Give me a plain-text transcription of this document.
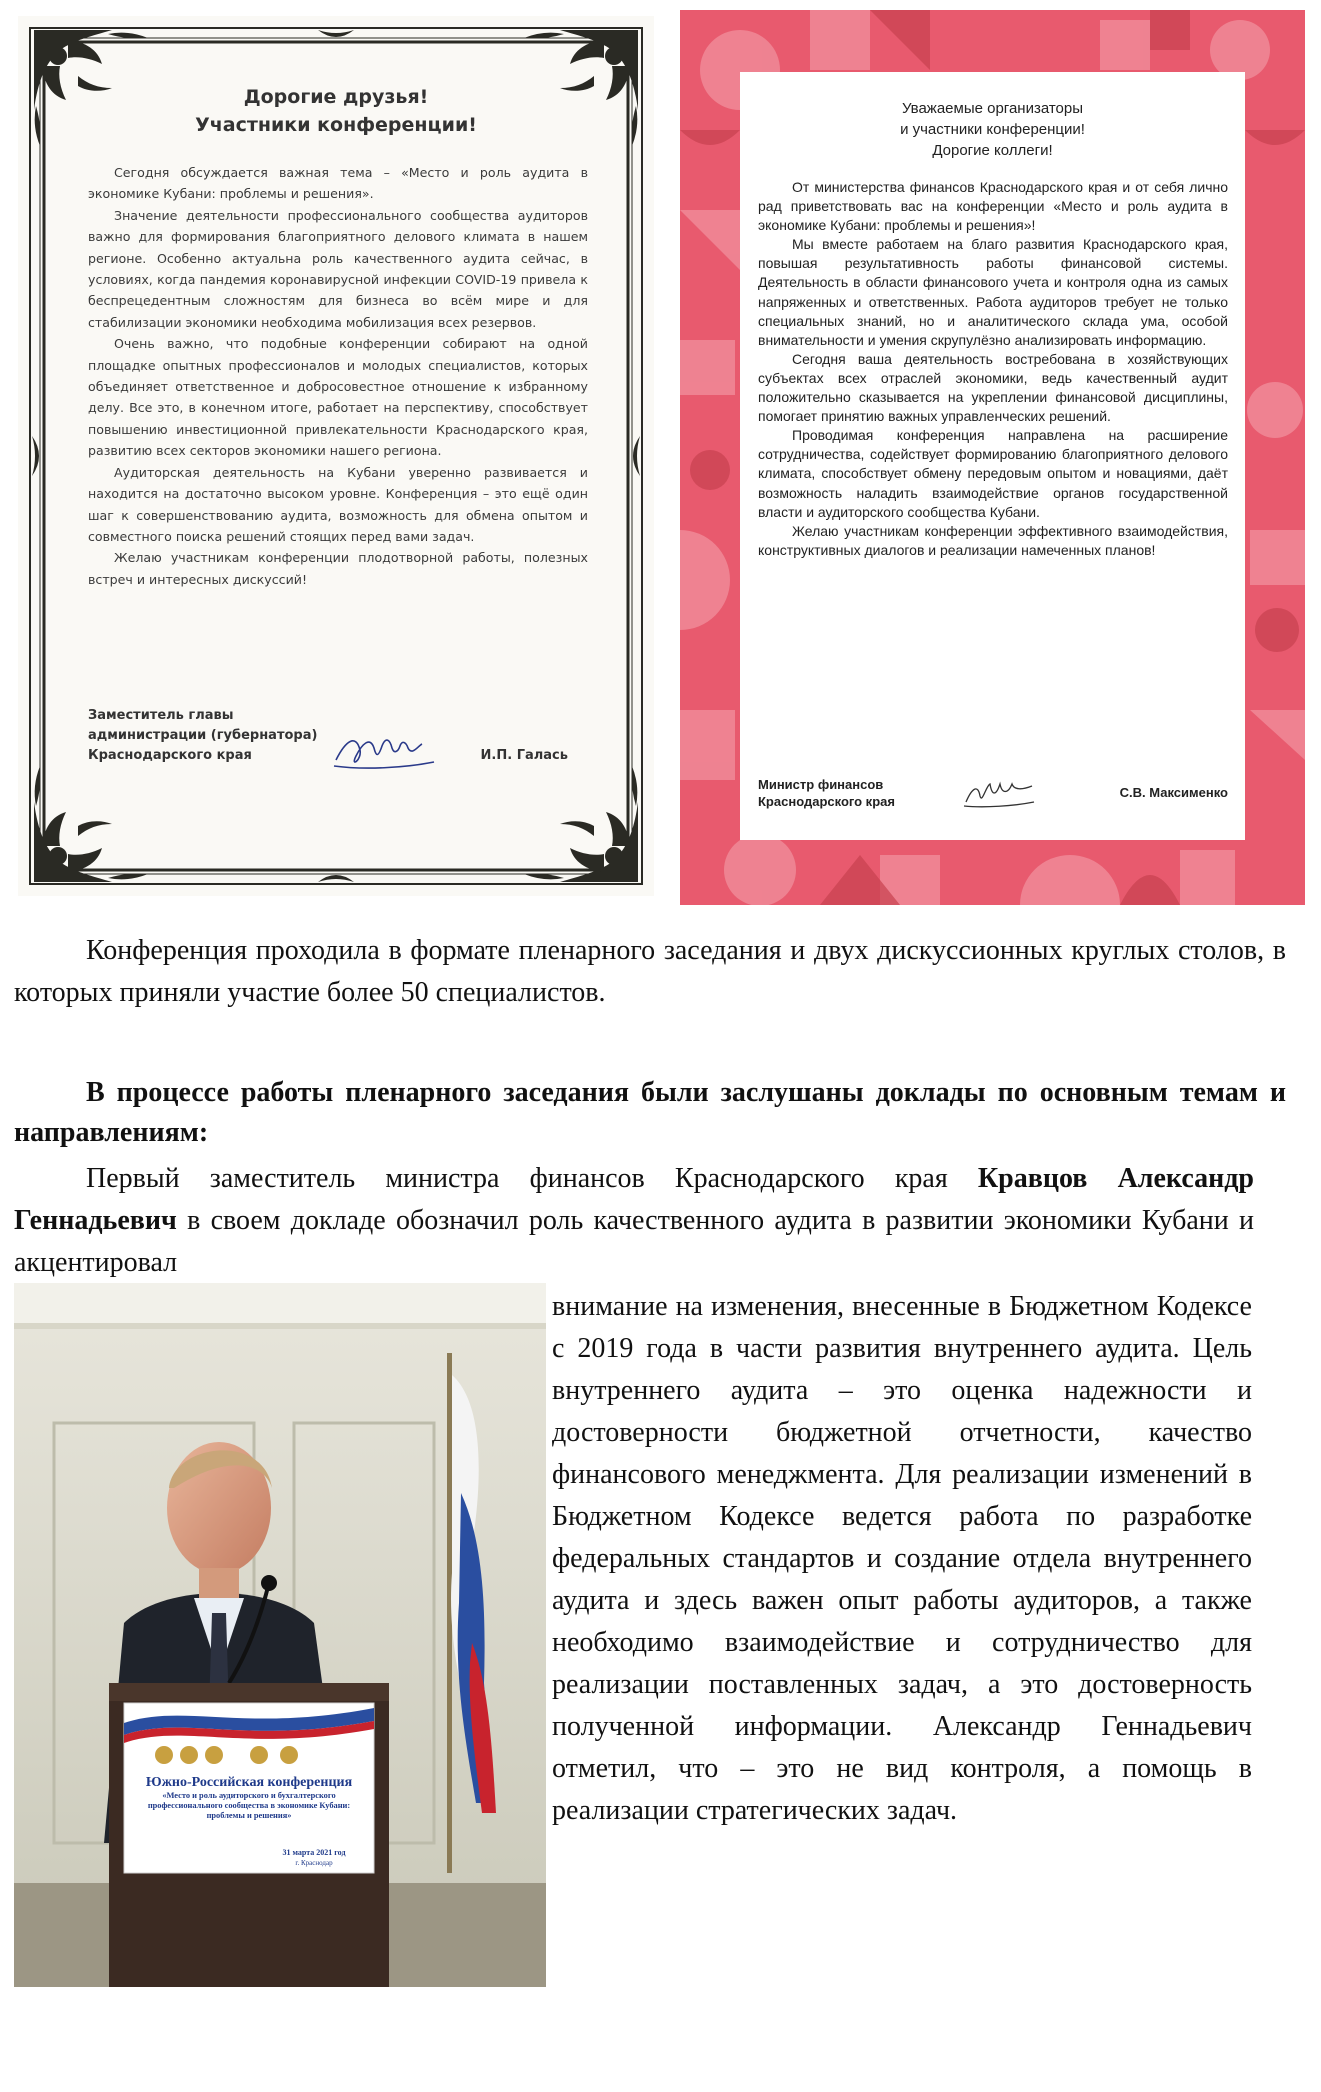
Дорогие друзья!
Участники конференции!

Сегодня обсуждается важная тема – «Место и роль аудита в экономике Кубани: проблемы и решения».

Значение деятельности профессионального сообщества аудиторов важно для формирования благоприятного делового климата в нашем регионе. Особенно актуальна роль качественного аудита сейчас, в условиях, когда пандемия коронавирусной инфекции COVID-19 привела к беспрецедентным сложностям для бизнеса во всём мире и для стабилизации экономики необходима мобилизация всех резервов.

Очень важно, что подобные конференции собирают на одной площадке опытных профессионалов и молодых специалистов, которых объединяет ответственное и добросовестное отношение к избранному делу. Все это, в конечном итоге, работает на перспективу, способствует повышению инвестиционной привлекательности Краснодарского края, развитию всех секторов экономики нашего региона.

Аудиторская деятельность на Кубани уверенно развивается и находится на достаточно высоком уровне. Конференция – это ещё один шаг к совершенствованию аудита, возможность для обмена опытом и совместного поиска решений стоящих перед вами задач.

Желаю участникам конференции плодотворной работы, полезных встреч и интересных дискуссий!

Заместитель главы
администрации (губернатора)
Краснодарского края	И.П. Галась
Уважаемые организаторы
и участники конференции!
Дорогие коллеги!

От министерства финансов Краснодарского края и от себя лично рад приветствовать вас на конференции «Место и роль аудита в экономике Кубани: проблемы и решения»!

Мы вместе работаем на благо развития Краснодарского края, повышая результативность работы финансовой системы. Деятельность в области финансового учета и контроля одна из самых напряженных и ответственных. Работа аудиторов требует не только специальных знаний, но и аналитического склада ума, особой внимательности и умения скрупулёзно анализировать информацию.

Сегодня ваша деятельность востребована в хозяйствующих субъектах всех отраслей экономики, ведь качественный аудит положительно сказывается на укреплении финансовой дисциплины, помогает принятию важных управленческих решений.

Проводимая конференция направлена на расширение сотрудничества, содействует формированию благоприятного делового климата, способствует обмену передовым опытом и новациями, даёт возможность наладить взаимодействие органов государственной власти и аудиторского сообщества Кубани.

Желаю участникам конференции эффективного взаимодействия, конструктивных диалогов и реализации намеченных планов!

Министр финансов
Краснодарского края
С.В. Максименко
Конференция проходила в формате пленарного заседания и двух дискуссионных круглых столов, в которых приняли участие более 50 специалистов.
В процессе работы пленарного заседания были заслушаны доклады по основным темам и направлениям:
Первый заместитель министра финансов Краснодарского края Кравцов Александр Геннадьевич в своем докладе обозначил роль качественного аудита в развитии экономики Кубани и акцентировал
внимание на изменения, внесенные в Бюджетном Кодексе с 2019 года в части развития внутреннего аудита. Цель внутреннего аудита – это оценка надежности и достоверности бюджетной отчетности, качество финансового менеджмента. Для реализации изменений в Бюджетном Кодексе ведется работа по разработке федеральных стандартов и создание отдела внутреннего аудита и здесь важен опыт работы аудиторов, а также необходимо взаимодействие и сотрудничество для реализации поставленных задач, а это достоверность полученной информации. Александр Геннадьевич отметил, что – это не вид контроля, а помощь в реализации стратегических задач.
Южно-Российская конференция
«Место и роль аудиторского и бухгалтерского профессионального сообщества в экономике Кубани: проблемы и решения»
31 марта 2021 год
г. Краснодар
